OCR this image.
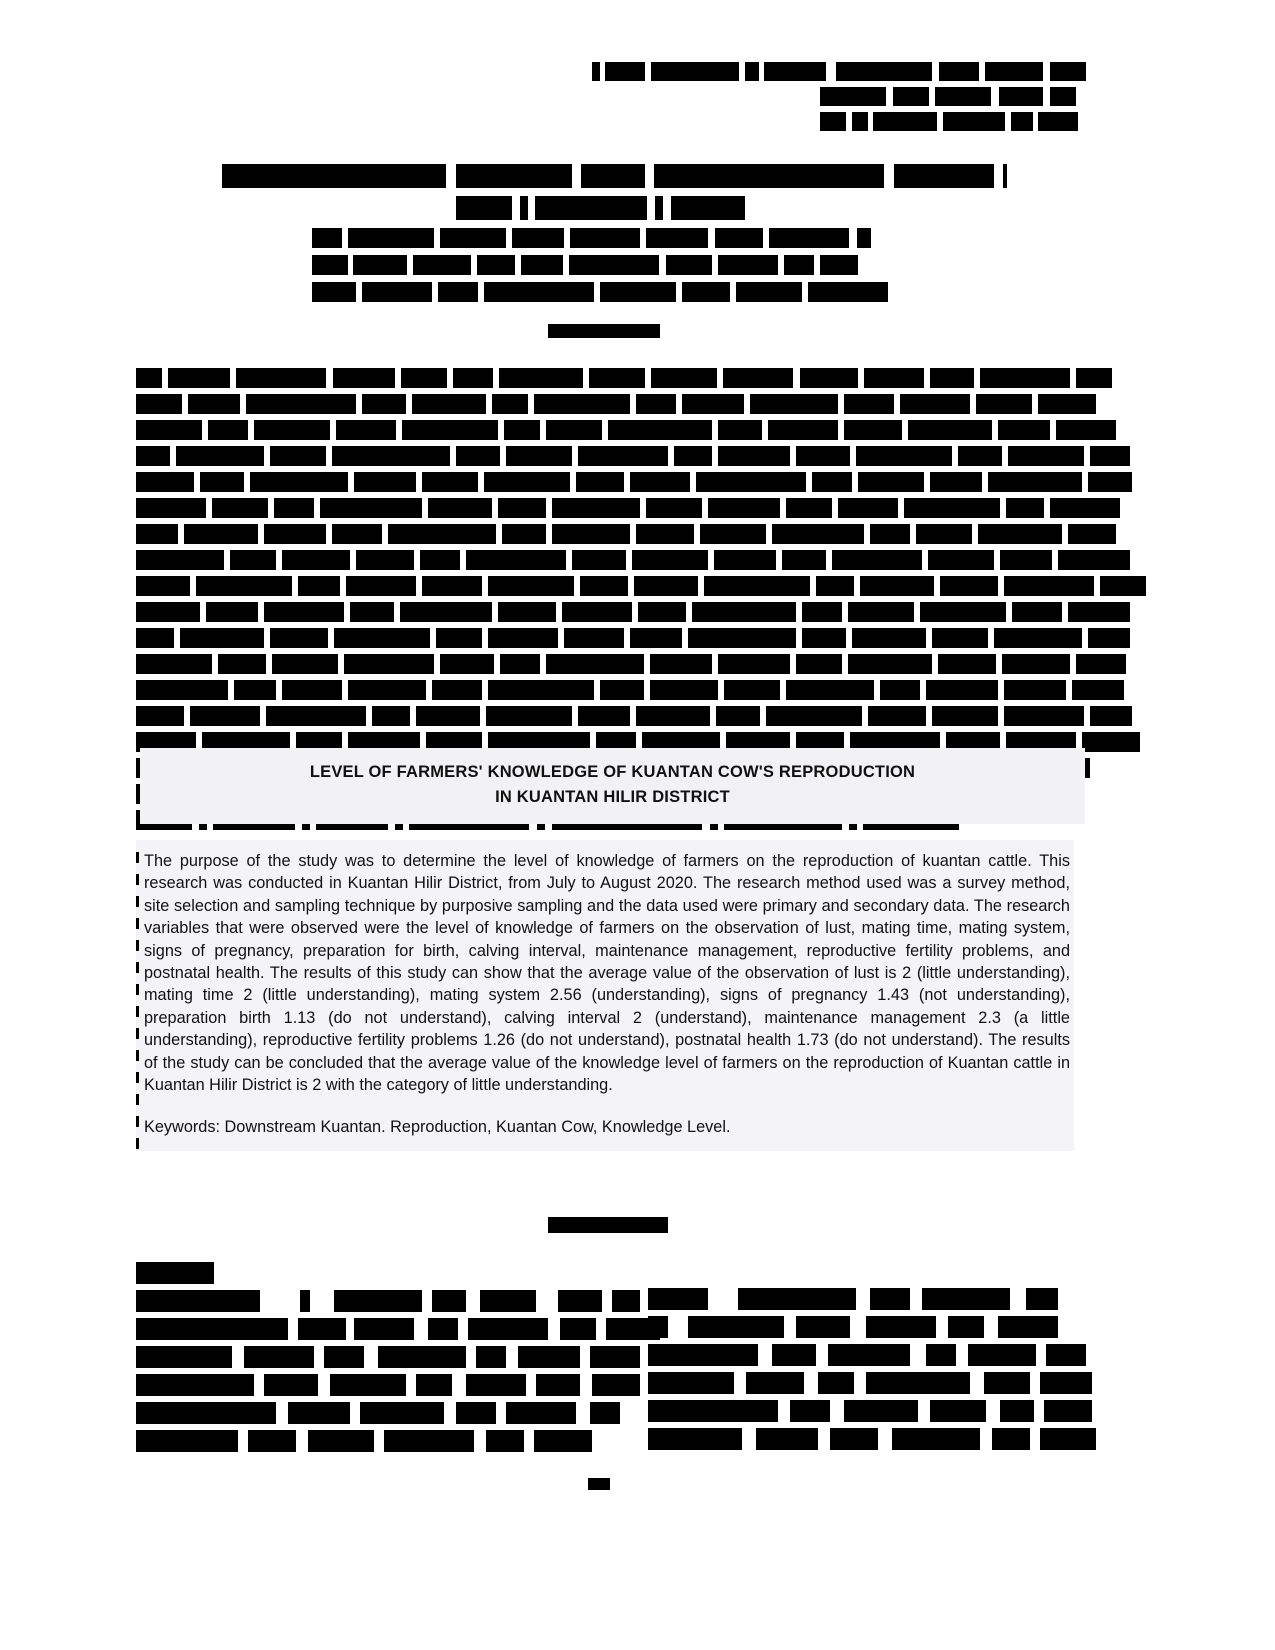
LEVEL OF FARMERS' KNOWLEDGE OF KUANTAN COW'S REPRODUCTION
IN KUANTAN HILIR DISTRICT

The purpose of the study was to determine the level of knowledge of farmers on the reproduction of kuantan cattle. This research was conducted in Kuantan Hilir District, from July to August 2020. The research method used was a survey method, site selection and sampling technique by purposive sampling and the data used were primary and secondary data. The research variables that were observed were the level of knowledge of farmers on the observation of lust, mating time, mating system, signs of pregnancy, preparation for birth, calving interval, maintenance management, reproductive fertility problems, and postnatal health. The results of this study can show that the average value of the observation of lust is 2 (little understanding), mating time 2 (little understanding), mating system 2.56 (understanding), signs of pregnancy 1.43 (not understanding), preparation birth 1.13 (do not understand), calving interval 2 (understand), maintenance management 2.3 (a little understanding), reproductive fertility problems 1.26 (do not understand), postnatal health 1.73 (do not understand). The results of the study can be concluded that the average value of the knowledge level of farmers on the reproduction of Kuantan cattle in Kuantan Hilir District is 2 with the category of little understanding.

Keywords: Downstream Kuantan. Reproduction, Kuantan Cow, Knowledge Level.
